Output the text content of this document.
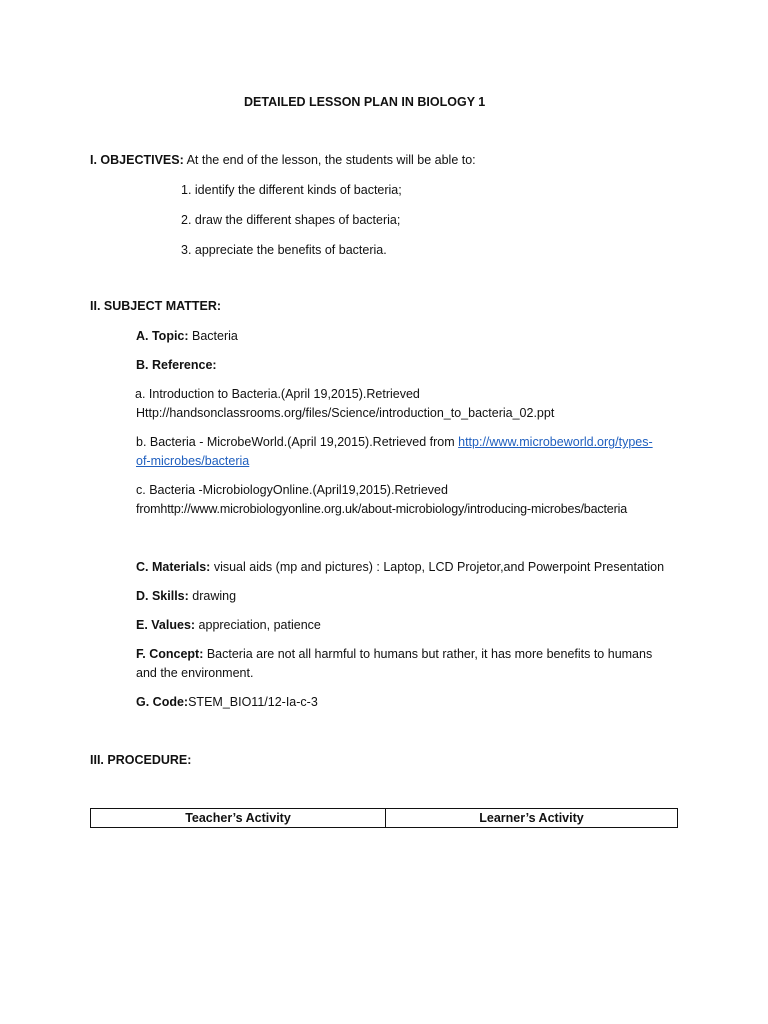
DETAILED LESSON PLAN IN BIOLOGY 1
I. OBJECTIVES: At the end of the lesson, the students will be able to:
1. identify the different kinds of bacteria;
2. draw the different shapes of bacteria;
3. appreciate the benefits of bacteria.
II. SUBJECT MATTER:
A. Topic: Bacteria
B. Reference:
a. Introduction to Bacteria.(April 19,2015).Retrieved
Http://handsonclassrooms.org/files/Science/introduction_to_bacteria_02.ppt
b. Bacteria - MicrobeWorld.(April 19,2015).Retrieved from http://www.microbeworld.org/types-
of-microbes/bacteria
c. Bacteria -MicrobiologyOnline.(April19,2015).Retrieved
fromhttp://www.microbiologyonline.org.uk/about-microbiology/introducing-microbes/bacteria
C. Materials: visual aids (mp and pictures) : Laptop, LCD Projetor,and Powerpoint Presentation
D. Skills: drawing
E. Values: appreciation, patience
F. Concept: Bacteria are not all harmful to humans but rather, it has more benefits to humans
and the environment.
G. Code:STEM_BIO11/12-Ia-c-3
III. PROCEDURE:
Teacher’s Activity	Learner’s Activity
